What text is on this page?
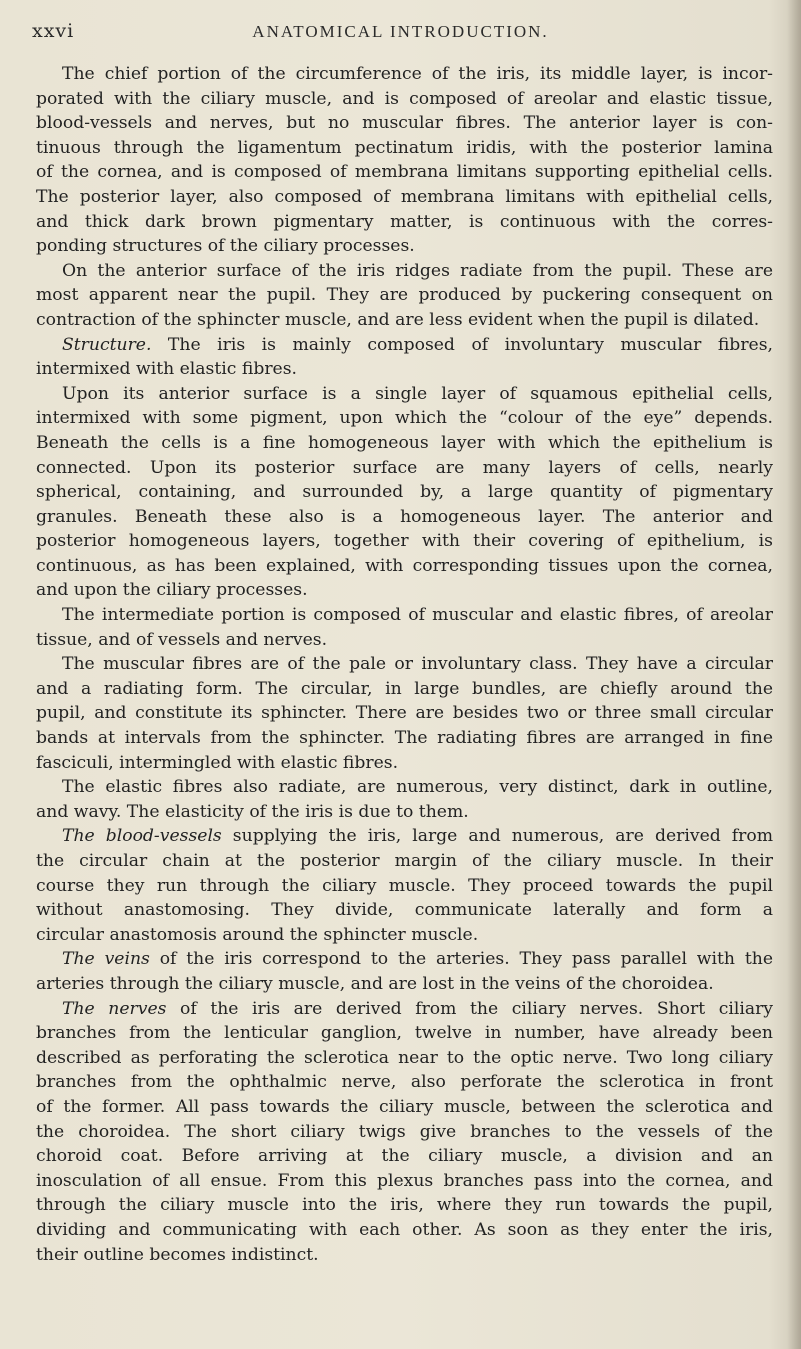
xxvi	ANATOMICAL INTRODUCTION.
The chief portion of the circumference of the iris, its middle layer, is incor-
porated with the ciliary muscle, and is composed of areolar and elastic tissue,
blood-vessels and nerves, but no muscular fibres. The anterior layer is con-
tinuous through the ligamentum pectinatum iridis, with the posterior lamina
of the cornea, and is composed of membrana limitans supporting epithelial cells.
The posterior layer, also composed of membrana limitans with epithelial cells,
and thick dark brown pigmentary matter, is continuous with the corres-
ponding structures of the ciliary processes.
On the anterior surface of the iris ridges radiate from the pupil. These are
most apparent near the pupil. They are produced by puckering consequent on
contraction of the sphincter muscle, and are less evident when the pupil is dilated.
Structure. The iris is mainly composed of involuntary muscular fibres,
intermixed with elastic fibres.
Upon its anterior surface is a single layer of squamous epithelial cells,
intermixed with some pigment, upon which the “colour of the eye” depends.
Beneath the cells is a fine homogeneous layer with which the epithelium is
connected. Upon its posterior surface are many layers of cells, nearly
spherical, containing, and surrounded by, a large quantity of pigmentary
granules. Beneath these also is a homogeneous layer. The anterior and
posterior homogeneous layers, together with their covering of epithelium, is
continuous, as has been explained, with corresponding tissues upon the cornea,
and upon the ciliary processes.
The intermediate portion is composed of muscular and elastic fibres, of areolar
tissue, and of vessels and nerves.
The muscular fibres are of the pale or involuntary class. They have a circular
and a radiating form. The circular, in large bundles, are chiefly around the
pupil, and constitute its sphincter. There are besides two or three small circular
bands at intervals from the sphincter. The radiating fibres are arranged in fine
fasciculi, intermingled with elastic fibres.
The elastic fibres also radiate, are numerous, very distinct, dark in outline,
and wavy. The elasticity of the iris is due to them.
The blood-vessels supplying the iris, large and numerous, are derived from
the circular chain at the posterior margin of the ciliary muscle. In their
course they run through the ciliary muscle. They proceed towards the pupil
without anastomosing. They divide, communicate laterally and form a
circular anastomosis around the sphincter muscle.
The veins of the iris correspond to the arteries. They pass parallel with the
arteries through the ciliary muscle, and are lost in the veins of the choroidea.
The nerves of the iris are derived from the ciliary nerves. Short ciliary
branches from the lenticular ganglion, twelve in number, have already been
described as perforating the sclerotica near to the optic nerve. Two long ciliary
branches from the ophthalmic nerve, also perforate the sclerotica in front
of the former. All pass towards the ciliary muscle, between the sclerotica and
the choroidea. The short ciliary twigs give branches to the vessels of the
choroid coat. Before arriving at the ciliary muscle, a division and an
inosculation of all ensue. From this plexus branches pass into the cornea, and
through the ciliary muscle into the iris, where they run towards the pupil,
dividing and communicating with each other. As soon as they enter the iris,
their outline becomes indistinct.
